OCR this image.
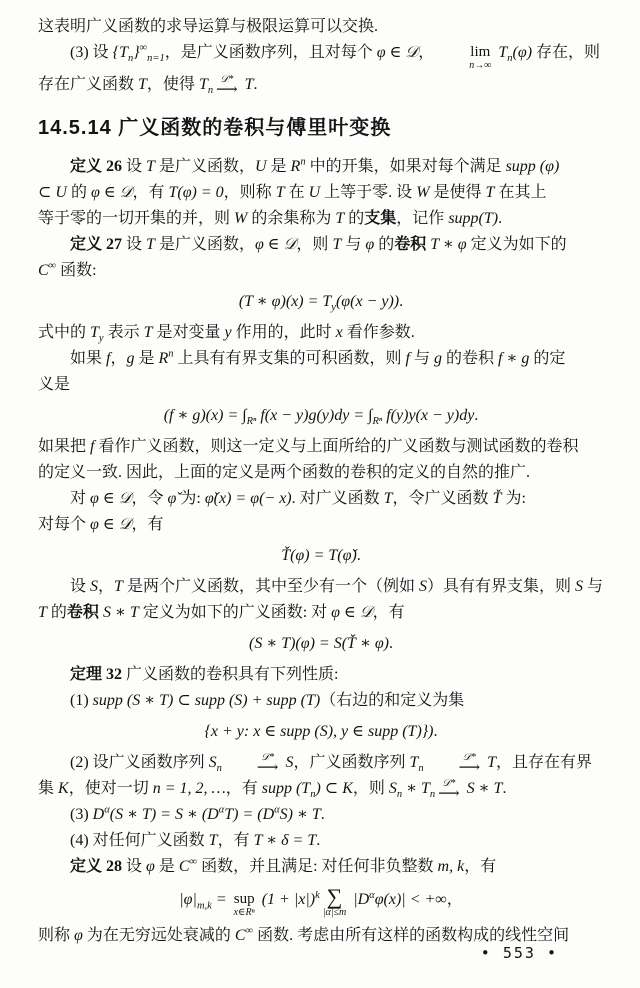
这表明广义函数的求导运算与极限运算可以交换.
(3) 设 $\{T_n\}^\infty_{n=1}$，是广义函数序列，且对每个 φ ∈ 𝒟，	lim
n→∞
$T_n(\varphi)$ 存在，则
存在广义函数 T，使得 $T_n$
𝒟*
⟶ T.
14.5.14 广义函数的卷积与傅里叶变换
定义 26 设 T 是广义函数，U 是 $R^n$ 中的开集，如果对每个满足 supp (φ)
⊂ U 的 φ ∈ 𝒟，有 T(φ) = 0，则称 T 在 U 上等于零. 设 W 是使得 T 在其上
等于零的一切开集的并，则 W 的余集称为 T 的支集，记作 supp(T).
定义 27 设 T 是广义函数，φ ∈ 𝒟，则 T 与 φ 的卷积 T ∗ φ 定义为如下的
C∞ 函数:
(T ∗ $\varphi)(x) = T_y(\varphi(x - y))$.
式中的 $T_y$ 表示 T 是对变量 y 作用的，此时 x 看作参数.
如果 f，g 是 $R^n$ 上具有有界支集的可积函数，则 f 与 g 的卷积 f ∗ g 的定
义是
(f ∗ $g)(x) = \int_{R^n}$ $f(x - y)g(y)dy = \int_{R^n}$ f(y)y(x − y)dy.
如果把 f 看作广义函数，则这一定义与上面所给的广义函数与测试函数的卷积
的定义一致. 因此，上面的定义是两个函数的卷积的定义的自然的推广.
对 φ ∈ 𝒟，令 φ̌ 为: φ̌(x) = φ(− x). 对广义函数 T，令广义函数 Ť 为:
对每个 φ ∈ 𝒟，有
Ť(φ) = T(φ̌).
设 S，T 是两个广义函数，其中至少有一个（例如 S）具有有界支集，则 S 与
T 的卷积 S ∗ T 定义为如下的广义函数: 对 φ ∈ 𝒟，有
(S ∗ T)(φ) = S(Ť ∗ φ).
定理 32 广义函数的卷积具有下列性质:
(1) supp (S ∗ T) ⊂ supp (S) + supp (T)（右边的和定义为集
{x + y: x ∈ supp (S), y ∈ supp (T)}).
(2) 设广义函数序列 $S_n$
𝒟*
⟶ S，广义函数序列 $T_n$
𝒟*
⟶ T，且存在有界
集 K，使对一切 n = 1, 2, …，有 supp $(T_n)$ ⊂ K，则 $S_n$ ∗ $T_n$
𝒟*
⟶ S ∗ T.
(3) $D^\alpha(S$ ∗ T) = S ∗ $(D^\alpha T) = (D^\alpha S)$ ∗ T.
(4) 对任何广义函数 T，有 T ∗ δ = T.
定义 28 设 φ 是 C∞ 函数，并且满足: 对任何非负整数 m, k，有
$|\varphi|_{m,k}$ = sup
x∈Rⁿ
$(1 + |x|)^k$ ∑
|α|≤m
$|D^\alpha\varphi(x)|$ < +∞，
则称 φ 为在无穷远处衰减的 C∞ 函数. 考虑由所有这样的函数构成的线性空间
• 553 •
